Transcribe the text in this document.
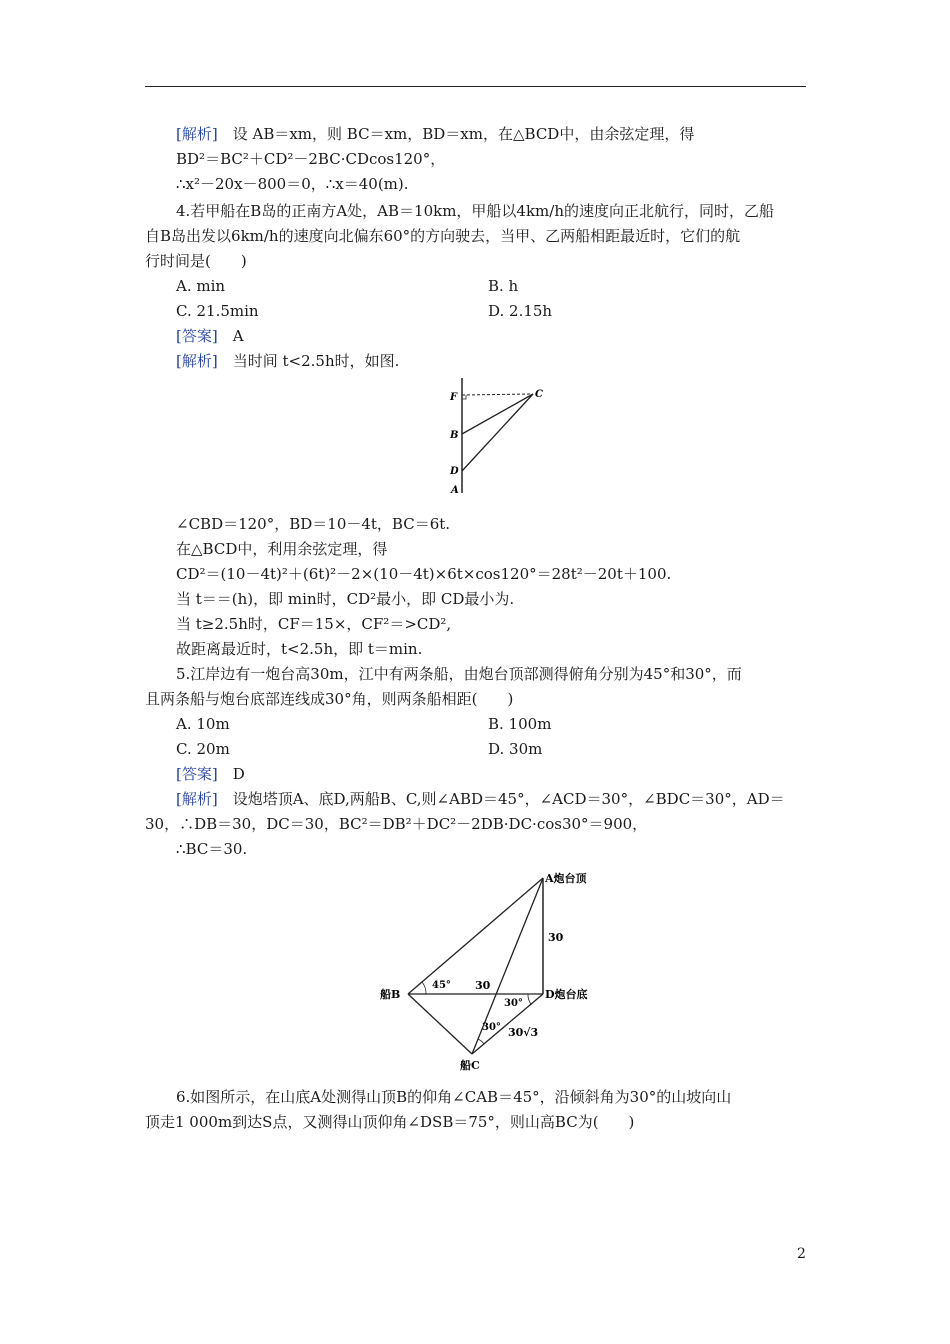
[解析]　设 AB＝xm，则 BC＝xm，BD＝xm，在△BCD中，由余弦定理，得
BD²＝BC²＋CD²－2BC·CDcos120°，
∴x²－20x－800＝0，∴x＝40(m).
4.若甲船在B岛的正南方A处，AB＝10km，甲船以4km/h的速度向正北航行，同时，乙船
自B岛出发以6km/h的速度向北偏东60°的方向驶去，当甲、乙两船相距最近时，它们的航
行时间是(　　)
A. min	B. h
C. 21.5min	D. 2.15h
[答案]　A
[解析]　当时间 t<2.5h时，如图.
F	C
B
D
A
∠CBD＝120°，BD＝10－4t，BC＝6t.
在△BCD中，利用余弦定理，得
CD²＝(10－4t)²＋(6t)²－2×(10－4t)×6t×cos120°＝28t²－20t＋100.
当 t＝＝(h)，即 min时，CD²最小，即 CD最小为.
当 t≥2.5h时，CF＝15×，CF²＝>CD²,
故距离最近时，t<2.5h，即 t＝min.
5.江岸边有一炮台高30m，江中有两条船，由炮台顶部测得俯角分别为45°和30°，而
且两条船与炮台底部连线成30°角，则两条船相距(　　)
A. 10m	B. 100m
C. 20m	D. 30m
[答案]　D
[解析]　设炮塔顶A、底D,两船B、C,则∠ABD＝45°，∠ACD＝30°，∠BDC＝30°，AD＝
30，∴DB＝30，DC＝30，BC²＝DB²＋DC²－2DB·DC·cos30°＝900，
∴BC＝30.
A炮台顶
D炮台底
船B
船C
30
30
30√3
45°
30°
30°
6.如图所示，在山底A处测得山顶B的仰角∠CAB＝45°，沿倾斜角为30°的山坡向山
顶走1 000m到达S点，又测得山顶仰角∠DSB＝75°，则山高BC为(　　)
2
